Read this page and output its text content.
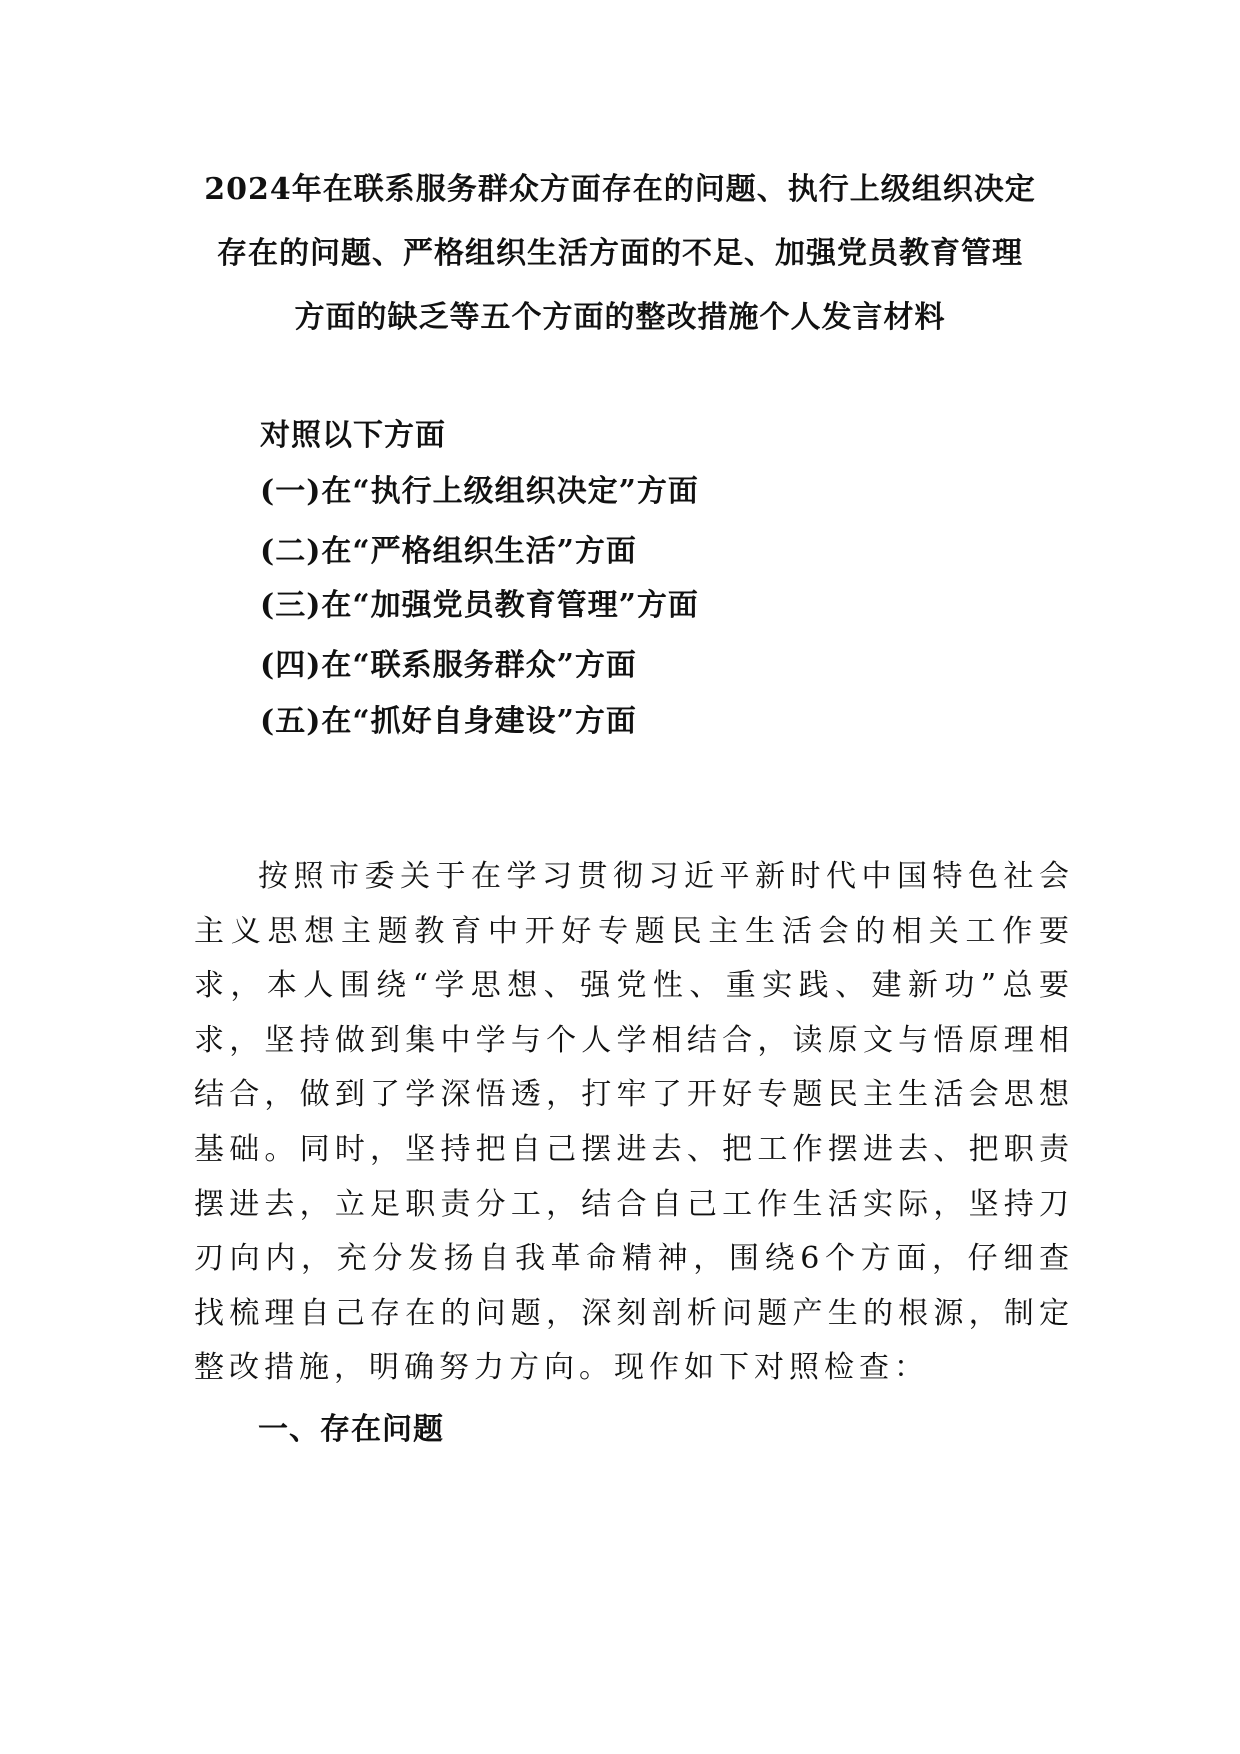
2024年在联系服务群众方面存在的问题、执行上级组织决定
存在的问题、严格组织生活方面的不足、加强党员教育管理
方面的缺乏等五个方面的整改措施个人发言材料
对照以下方面
(一)在“执行上级组织决定”方面
(二)在“严格组织生活”方面
(三)在“加强党员教育管理”方面
(四)在“联系服务群众”方面
(五)在“抓好自身建设”方面
按照市委关于在学习贯彻习近平新时代中国特色社会主义思想主题教育中开好专题民主生活会的相关工作要求，本人围绕“学思想、强党性、重实践、建新功”总要求，坚持做到集中学与个人学相结合，读原文与悟原理相结合，做到了学深悟透，打牢了开好专题民主生活会思想基础。同时，坚持把自己摆进去、把工作摆进去、把职责摆进去，立足职责分工，结合自己工作生活实际，坚持刀刃向内，充分发扬自我革命精神，围绕6个方面，仔细查找梳理自己存在的问题，深刻剖析问题产生的根源，制定整改措施，明确努力方向。现作如下对照检查：
一、存在问题
